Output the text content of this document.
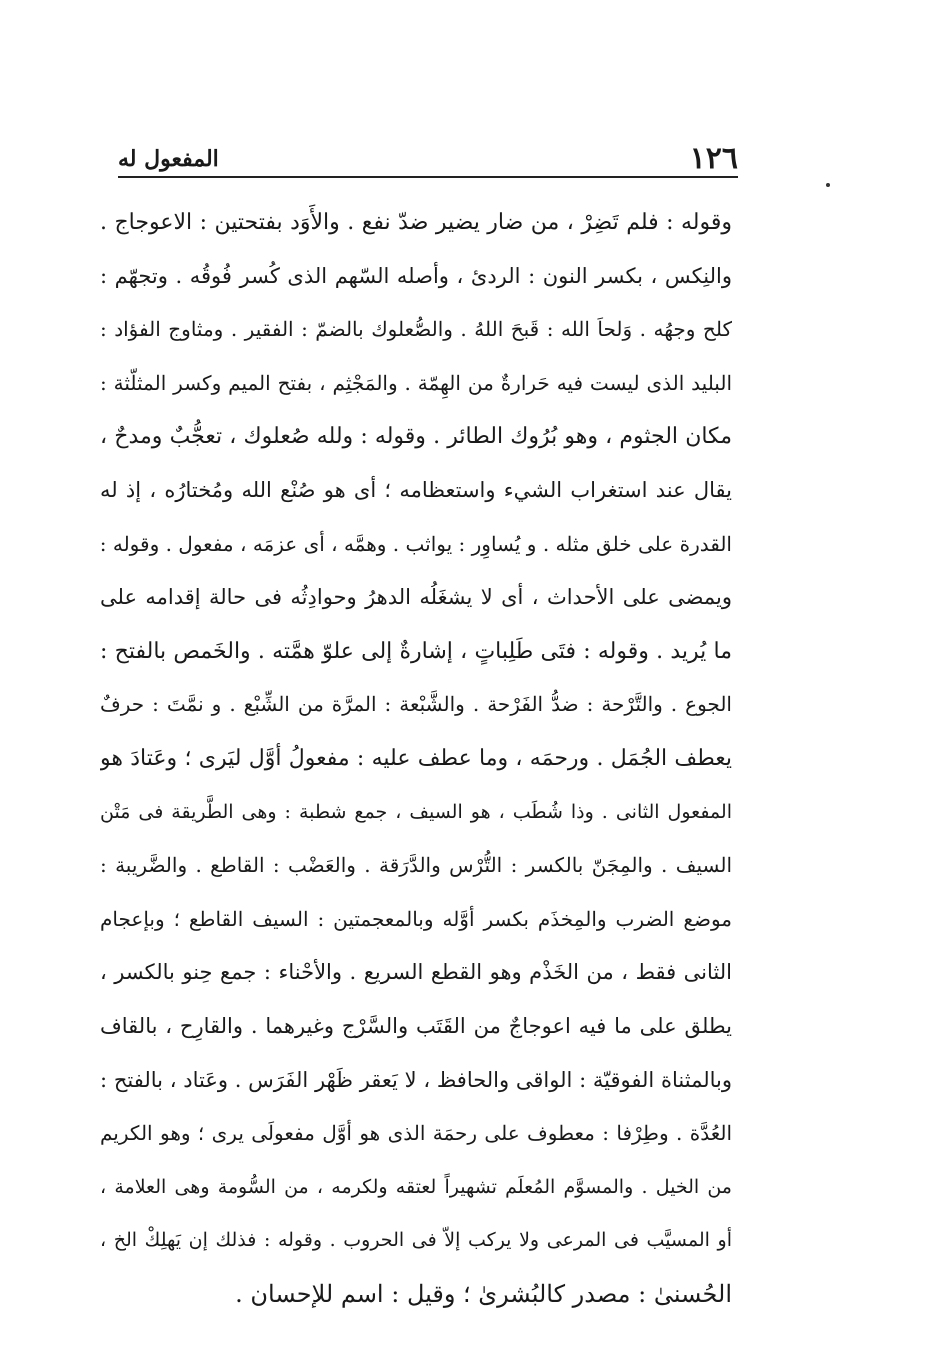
١٢٦
المفعول له
وقوله : فلم تَضِرْ ، من ضار يضير ضدّ نفع . والأَوَد بفتحتين : الاعوجاج .
والنِكس ، بكسر النون : الردئ ، وأصله السّهم الذى كُسر فُوقُه . وتجهّم :
كلح وجهُه . وَلحاَ الله : قَبحَ اللهُ . والصُّعلوك بالضمّ : الفقير . ومثاوج الفؤاد :
البليد الذى ليست فيه حَرارةٌ من الهِمّة . والمَجْثِم ، بفتح الميم وكسر المثلّثة :
مكان الجثوم ، وهو بُرُوك الطائر . وقوله : ولله صُعلوك ، تعجُّبٌ ومدحٌ ،
يقال عند استغراب الشيء واستعظامه ؛ أى هو صُنْع الله ومُختارُه ، إذ له
القدرة على خلق مثله . و يُساوِر : يواثب . وهمَّه ، أى عزمَه ، مفعول . وقوله :
ويمضى على الأحداث ، أى لا يشغَلُه الدهرُ وحوادِثُه فى حالة إقدامه على
ما يُريد . وقوله : فتَى طَلِباتٍ ، إشارةٌ إلى علوّ همَّته . والخَمص بالفتح :
الجوع . والتَّرْحة : ضدُّ الفَرْحة . والشَّبْعة : المرَّة من الشِّبْع . و نمَّتَ : حرفٌ
يعطف الجُمَل . ورحمَه ، وما عطف عليه : مفعولُ أوَّل ليَرى ؛ وعَتادَ هو
المفعول الثانى . وذا شُطَب ، هو السيف ، جمع شطبة : وهى الطَّريقة فى مَتْن
السيف . والمِجَنّ بالكسر : التُّرْس والدَّرَقة . والعَضْب : القاطع . والضَّريبة :
موضع الضرب والمِخذَم بكسر أوَّله وبالمعجمتين : السيف القاطع ؛ وبإعجام
الثانى فقط ، من الخَذْم وهو القطع السريع . والأحْناء : جمع حِنو بالكسر ،
يطلق على ما فيه اعوجاجٌ من القَتَب والسَّرْج وغيرهما . والقارِح ، بالقاف
وبالمثناة الفوقيّة : الواقى والحافظ ، لا يَعقر ظَهْر الفَرَس . وعَتاد ، بالفتح :
العُدَّة . وطِرْفا : معطوف على رحمَة الذى هو أوَّل مفعولَى يرى ؛ وهو الكريم
من الخيل . والمسوَّم المُعلَم تشهيراً لعتقه ولكرمه ، من السُّومة وهى العلامة ،
أو المسيَّب فى المرعى ولا يركب إلاّ فى الحروب . وقوله : فذلك إن يَهلِكْ الخ ،
الحُسنىٰ : مصدر كالبُشرىٰ ؛ وقيل : اسم للإحسان .
